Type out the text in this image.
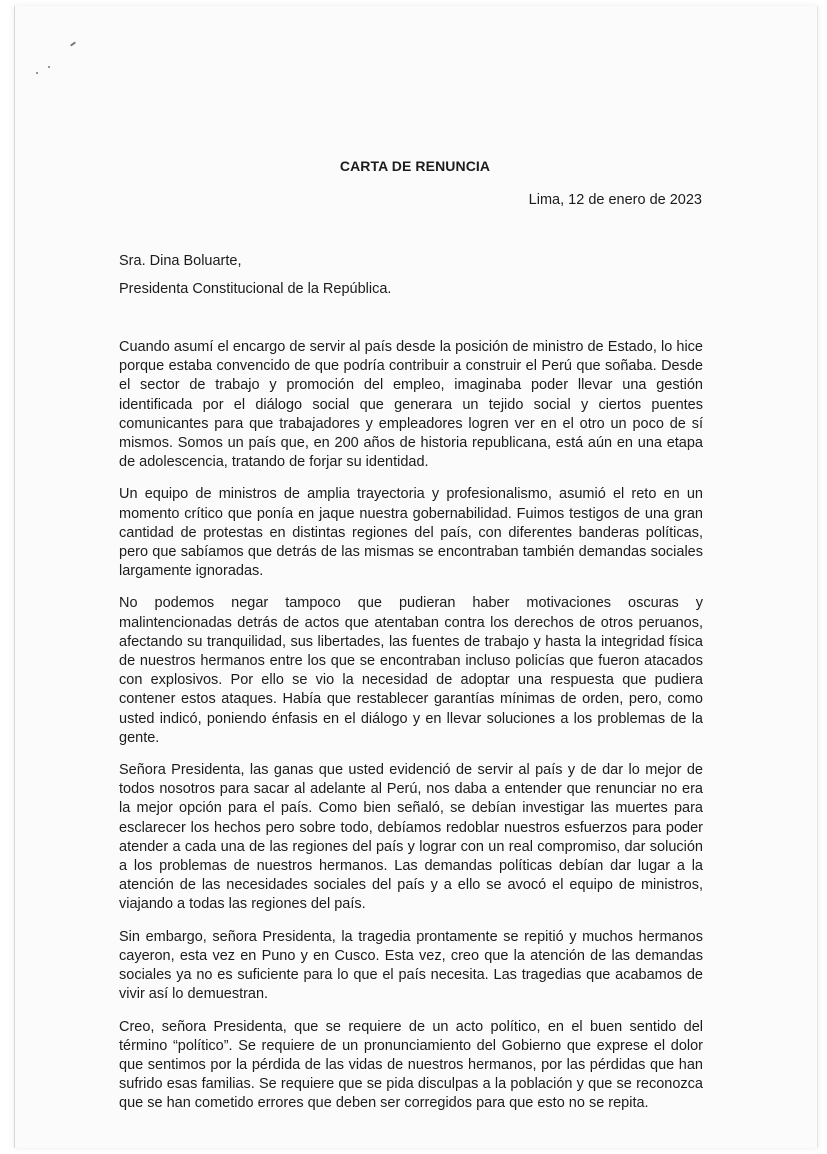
CARTA DE RENUNCIA
Lima, 12 de enero de 2023
Sra. Dina Boluarte,
Presidenta Constitucional de la República.

Cuando asumí el encargo de servir al país desde la posición de ministro de Estado, lo hice porque estaba convencido de que podría contribuir a construir el Perú que soñaba. Desde el sector de trabajo y promoción del empleo, imaginaba poder llevar una gestión identificada por el diálogo social que generara un tejido social y ciertos puentes comunicantes para que trabajadores y empleadores logren ver en el otro un poco de sí mismos. Somos un país que, en 200 años de historia republicana, está aún en una etapa de adolescencia, tratando de forjar su identidad.

Un equipo de ministros de amplia trayectoria y profesionalismo, asumió el reto en un momento crítico que ponía en jaque nuestra gobernabilidad. Fuimos testigos de una gran cantidad de protestas en distintas regiones del país, con diferentes banderas políticas, pero que sabíamos que detrás de las mismas se encontraban también demandas sociales largamente ignoradas.

No podemos negar tampoco que pudieran haber motivaciones oscuras y malintencionadas detrás de actos que atentaban contra los derechos de otros peruanos, afectando su tranquilidad, sus libertades, las fuentes de trabajo y hasta la integridad física de nuestros hermanos entre los que se encontraban incluso policías que fueron atacados con explosivos. Por ello se vio la necesidad de adoptar una respuesta que pudiera contener estos ataques. Había que restablecer garantías mínimas de orden, pero, como usted indicó, poniendo énfasis en el diálogo y en llevar soluciones a los problemas de la gente.

Señora Presidenta, las ganas que usted evidenció de servir al país y de dar lo mejor de todos nosotros para sacar al adelante al Perú, nos daba a entender que renunciar no era la mejor opción para el país. Como bien señaló, se debían investigar las muertes para esclarecer los hechos pero sobre todo, debíamos redoblar nuestros esfuerzos para poder atender a cada una de las regiones del país y lograr con un real compromiso, dar solución a los problemas de nuestros hermanos. Las demandas políticas debían dar lugar a la atención de las necesidades sociales del país y a ello se avocó el equipo de ministros, viajando a todas las regiones del país.

Sin embargo, señora Presidenta, la tragedia prontamente se repitió y muchos hermanos cayeron, esta vez en Puno y en Cusco. Esta vez, creo que la atención de las demandas sociales ya no es suficiente para lo que el país necesita. Las tragedias que acabamos de vivir así lo demuestran.

Creo, señora Presidenta, que se requiere de un acto político, en el buen sentido del término “político”. Se requiere de un pronunciamiento del Gobierno que exprese el dolor que sentimos por la pérdida de las vidas de nuestros hermanos, por las pérdidas que han sufrido esas familias. Se requiere que se pida disculpas a la población y que se reconozca que se han cometido errores que deben ser corregidos para que esto no se repita.
